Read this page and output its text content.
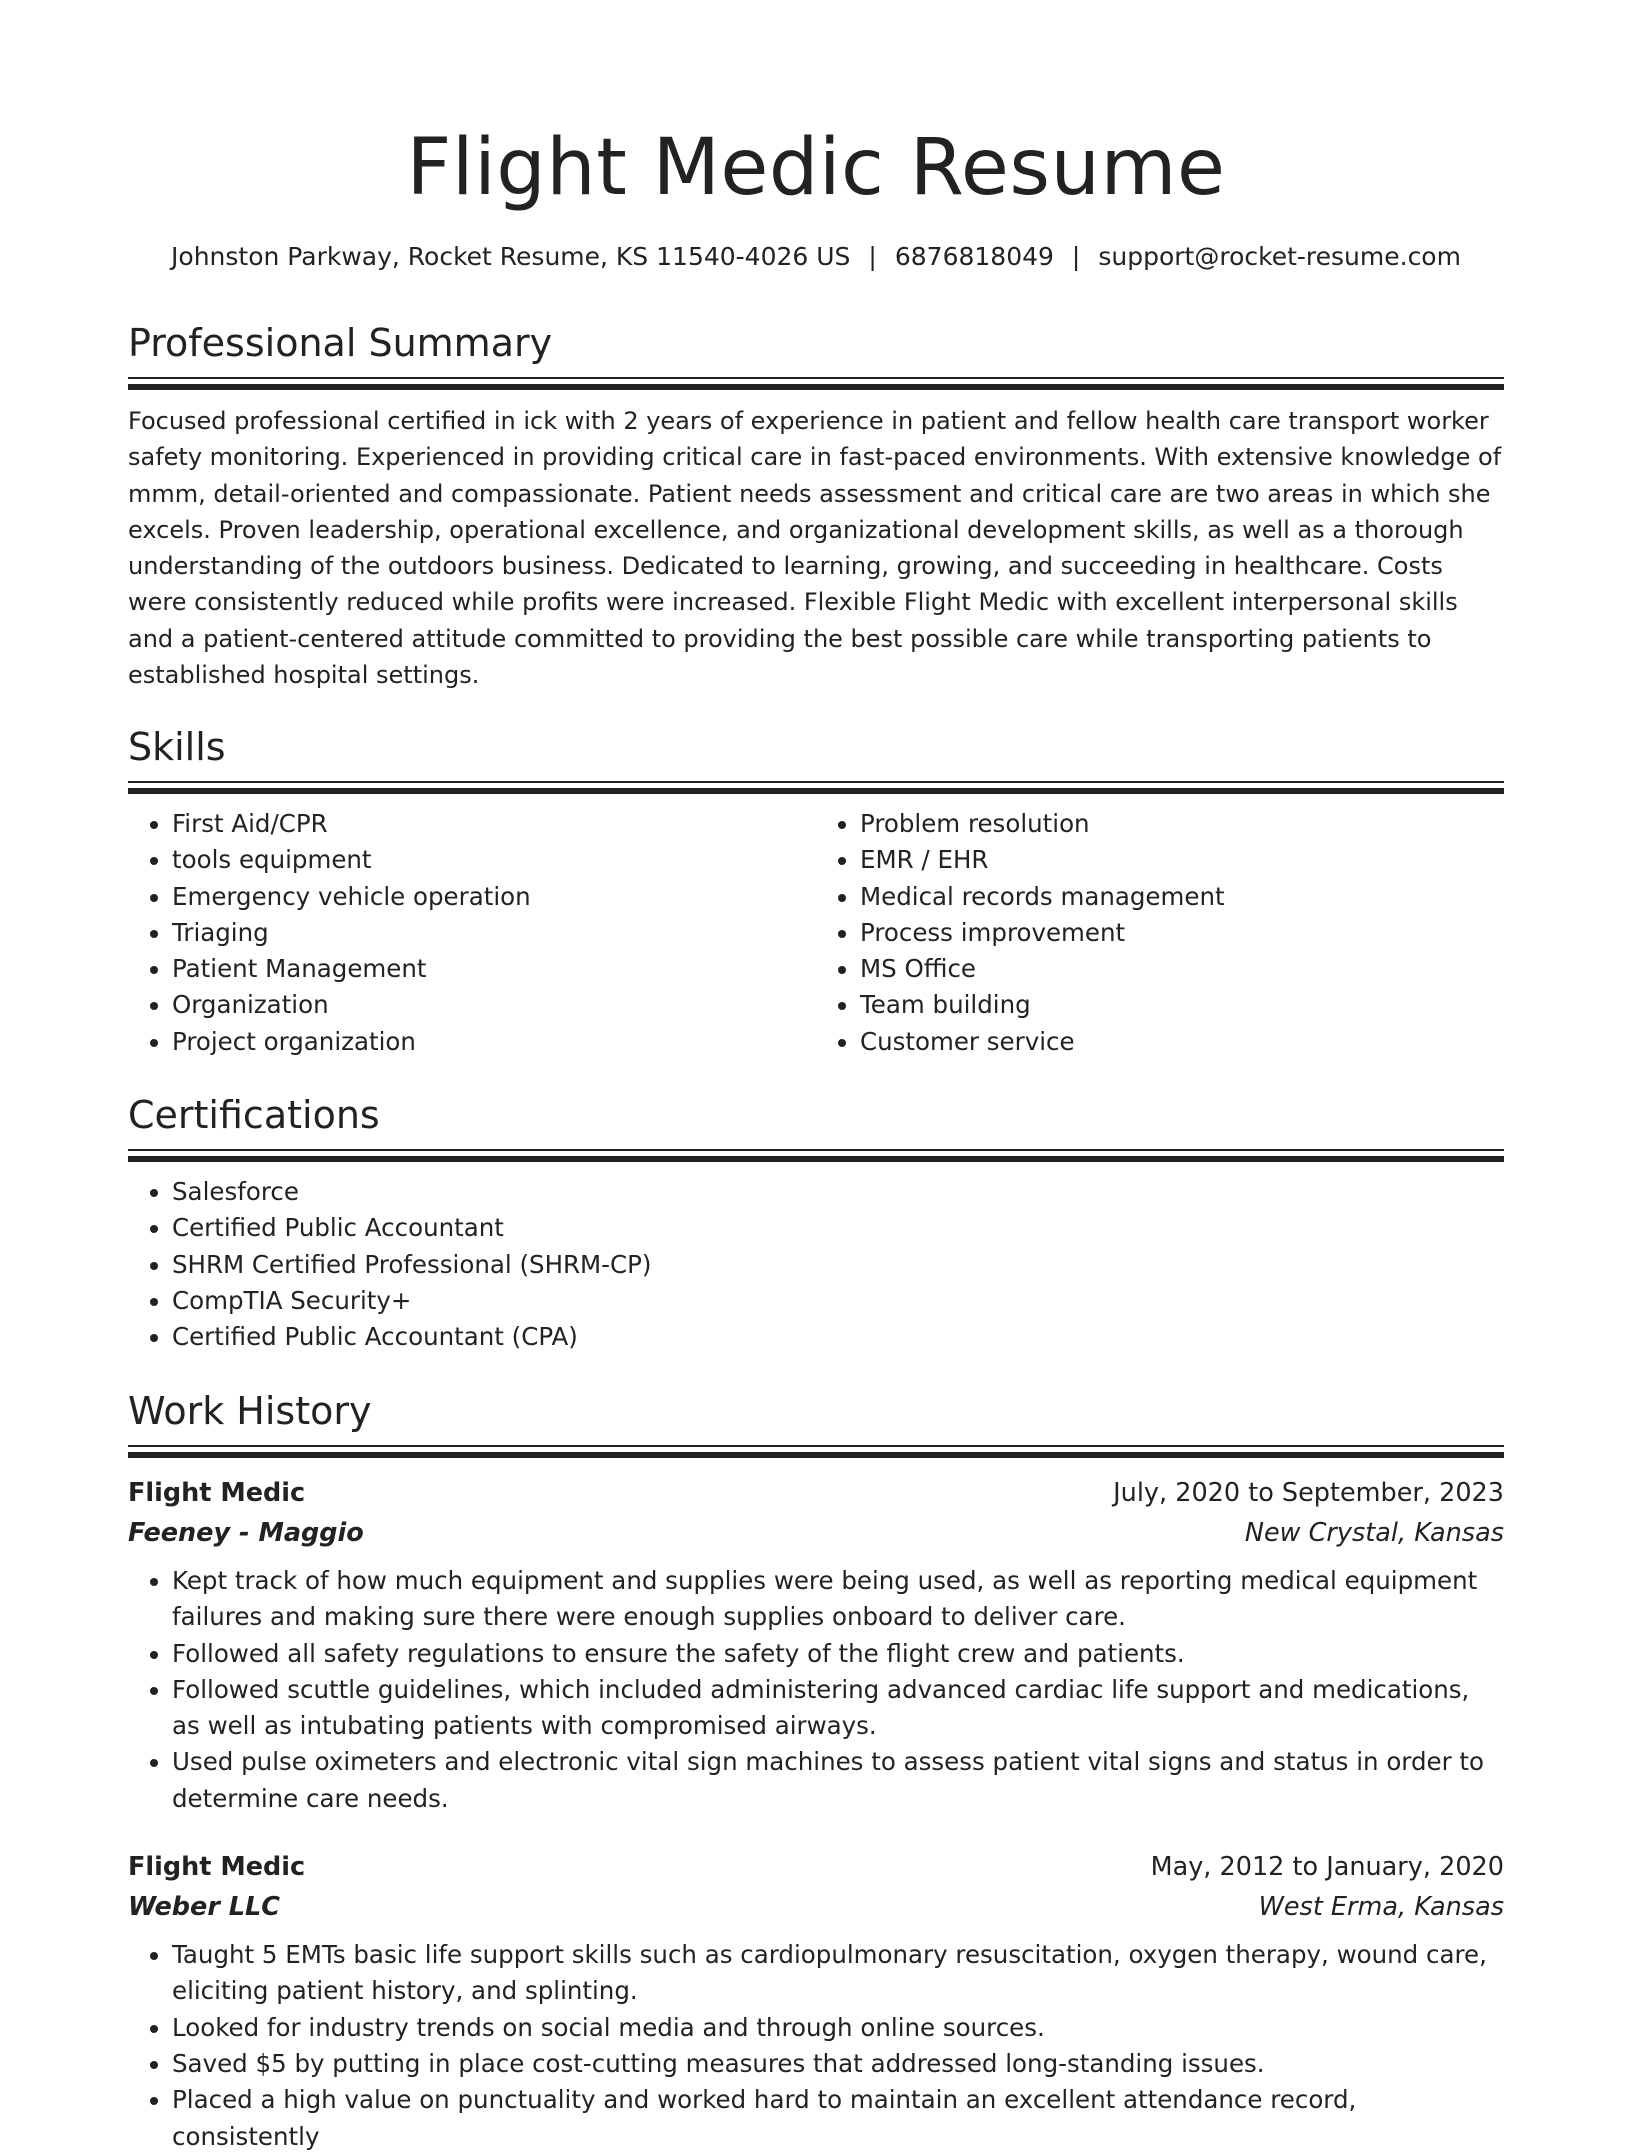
Flight Medic Resume
Johnston Parkway, Rocket Resume, KS 11540-4026 US | 6876818049 | support@rocket-resume.com
Professional Summary
Focused professional certified in ick with 2 years of experience in patient and fellow health care transport worker safety monitoring. Experienced in providing critical care in fast-paced environments. With extensive knowledge of mmm, detail-oriented and compassionate. Patient needs assessment and critical care are two areas in which she excels. Proven leadership, operational excellence, and organizational development skills, as well as a thorough understanding of the outdoors business. Dedicated to learning, growing, and succeeding in healthcare. Costs were consistently reduced while profits were increased. Flexible Flight Medic with excellent interpersonal skills and a patient-centered attitude committed to providing the best possible care while transporting patients to established hospital settings.
Skills
• First Aid/CPR
• tools equipment
• Emergency vehicle operation
• Triaging
• Patient Management
• Organization
• Project organization
• Problem resolution
• EMR / EHR
• Medical records management
• Process improvement
• MS Office
• Team building
• Customer service
Certifications
• Salesforce
• Certified Public Accountant
• SHRM Certified Professional (SHRM-CP)
• CompTIA Security+
• Certified Public Accountant (CPA)
Work History
Flight Medic	July, 2020 to September, 2023
Feeney - Maggio	New Crystal, Kansas
• Kept track of how much equipment and supplies were being used, as well as reporting medical equipment failures and making sure there were enough supplies onboard to deliver care.
• Followed all safety regulations to ensure the safety of the flight crew and patients.
• Followed scuttle guidelines, which included administering advanced cardiac life support and medications, as well as intubating patients with compromised airways.
• Used pulse oximeters and electronic vital sign machines to assess patient vital signs and status in order to determine care needs.
Flight Medic	May, 2012 to January, 2020
Weber LLC	West Erma, Kansas
• Taught 5 EMTs basic life support skills such as cardiopulmonary resuscitation, oxygen therapy, wound care, eliciting patient history, and splinting.
• Looked for industry trends on social media and through online sources.
• Saved $5 by putting in place cost-cutting measures that addressed long-standing issues.
• Placed a high value on punctuality and worked hard to maintain an excellent attendance record, consistently
